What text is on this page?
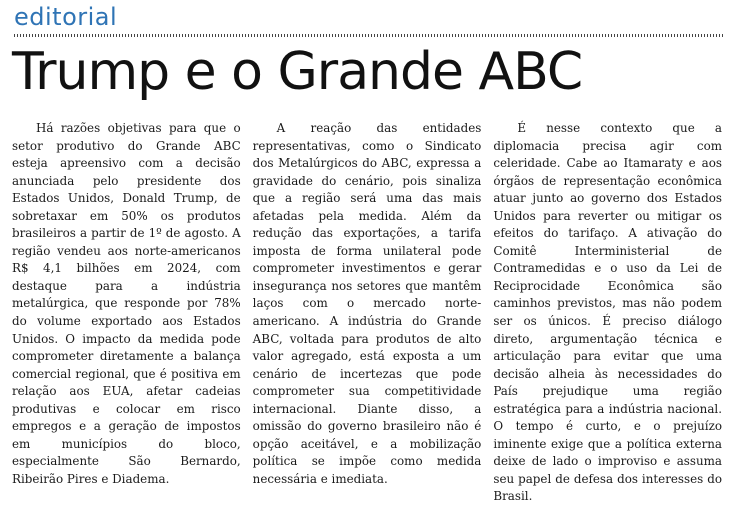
editorial
Trump e o Grande ABC

Há razões objetivas para que o setor produtivo do Grande ABC esteja apreensivo com a decisão anunciada pelo presidente dos Estados Unidos, Donald Trump, de sobretaxar em 50% os produtos brasileiros a partir de 1º de agosto. A região vendeu aos norte-americanos R$ 4,1 bilhões em 2024, com destaque para a indústria metalúrgica, que responde por 78% do volume exportado aos Estados Unidos. O impacto da medida pode comprometer diretamente a balança comercial regional, que é positiva em relação aos EUA, afetar cadeias produtivas e colocar em risco empregos e a geração de impostos em municípios do bloco, especialmente São Bernardo, Ribeirão Pires e Diadema.

A reação das entidades representativas, como o Sindicato dos Metalúrgicos do ABC, expressa a gravidade do cenário, pois sinaliza que a região será uma das mais afetadas pela medida. Além da redução das exportações, a tarifa imposta de forma unilateral pode comprometer investimentos e gerar insegurança nos setores que mantêm laços com o mercado norte-americano. A indústria do Grande ABC, voltada para produtos de alto valor agregado, está exposta a um cenário de incertezas que pode comprometer sua competitividade internacional. Diante disso, a omissão do governo brasileiro não é opção aceitável, e a mobilização política se impõe como medida necessária e imediata.

É nesse contexto que a diplomacia precisa agir com celeridade. Cabe ao Itamaraty e aos órgãos de representação econômica atuar junto ao governo dos Estados Unidos para reverter ou mitigar os efeitos do tarifaço. A ativação do Comitê Interministerial de Contramedidas e o uso da Lei de Reciprocidade Econômica são caminhos previstos, mas não podem ser os únicos. É preciso diálogo direto, argumentação técnica e articulação para evitar que uma decisão alheia às necessidades do País prejudique uma região estratégica para a indústria nacional. O tempo é curto, e o prejuízo iminente exige que a política externa deixe de lado o improviso e assuma seu papel de defesa dos interesses do Brasil.
